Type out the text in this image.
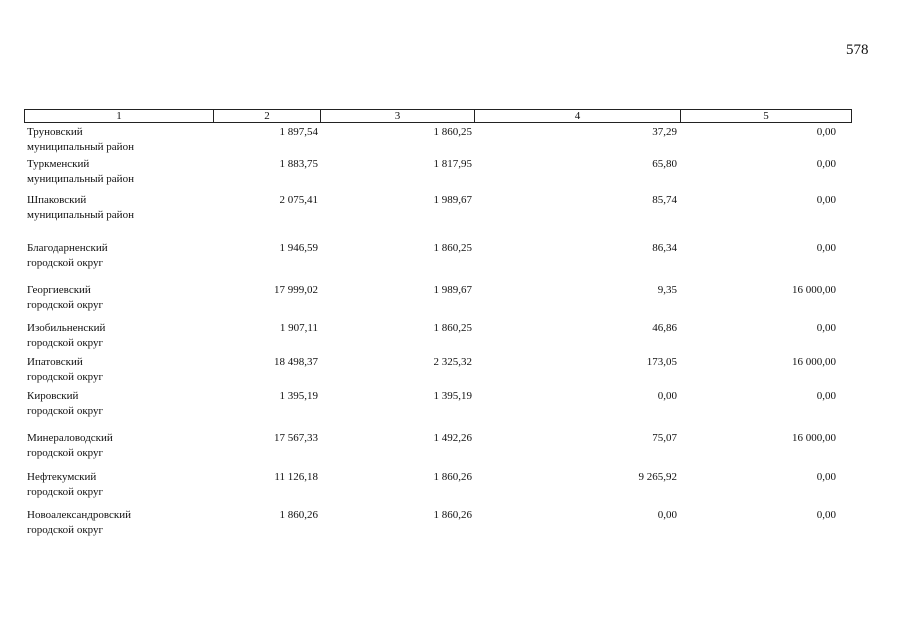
578
1	2	3	4	5
Труновский
муниципальный район
1 897,54	1 860,25	37,29	0,00
Туркменский
муниципальный район
1 883,75	1 817,95	65,80	0,00
Шпаковский
муниципальный район
2 075,41	1 989,67	85,74	0,00
Благодарненский
городской округ
1 946,59	1 860,25	86,34	0,00
Георгиевский
городской округ
17 999,02	1 989,67	9,35	16 000,00
Изобильненский
городской округ
1 907,11	1 860,25	46,86	0,00
Ипатовский
городской округ
18 498,37	2 325,32	173,05	16 000,00
Кировский
городской округ
1 395,19	1 395,19	0,00	0,00
Минераловодский
городской округ
17 567,33	1 492,26	75,07	16 000,00
Нефтекумский
городской округ
11 126,18	1 860,26	9 265,92	0,00
Новоалександровский
городской округ
1 860,26	1 860,26	0,00	0,00
